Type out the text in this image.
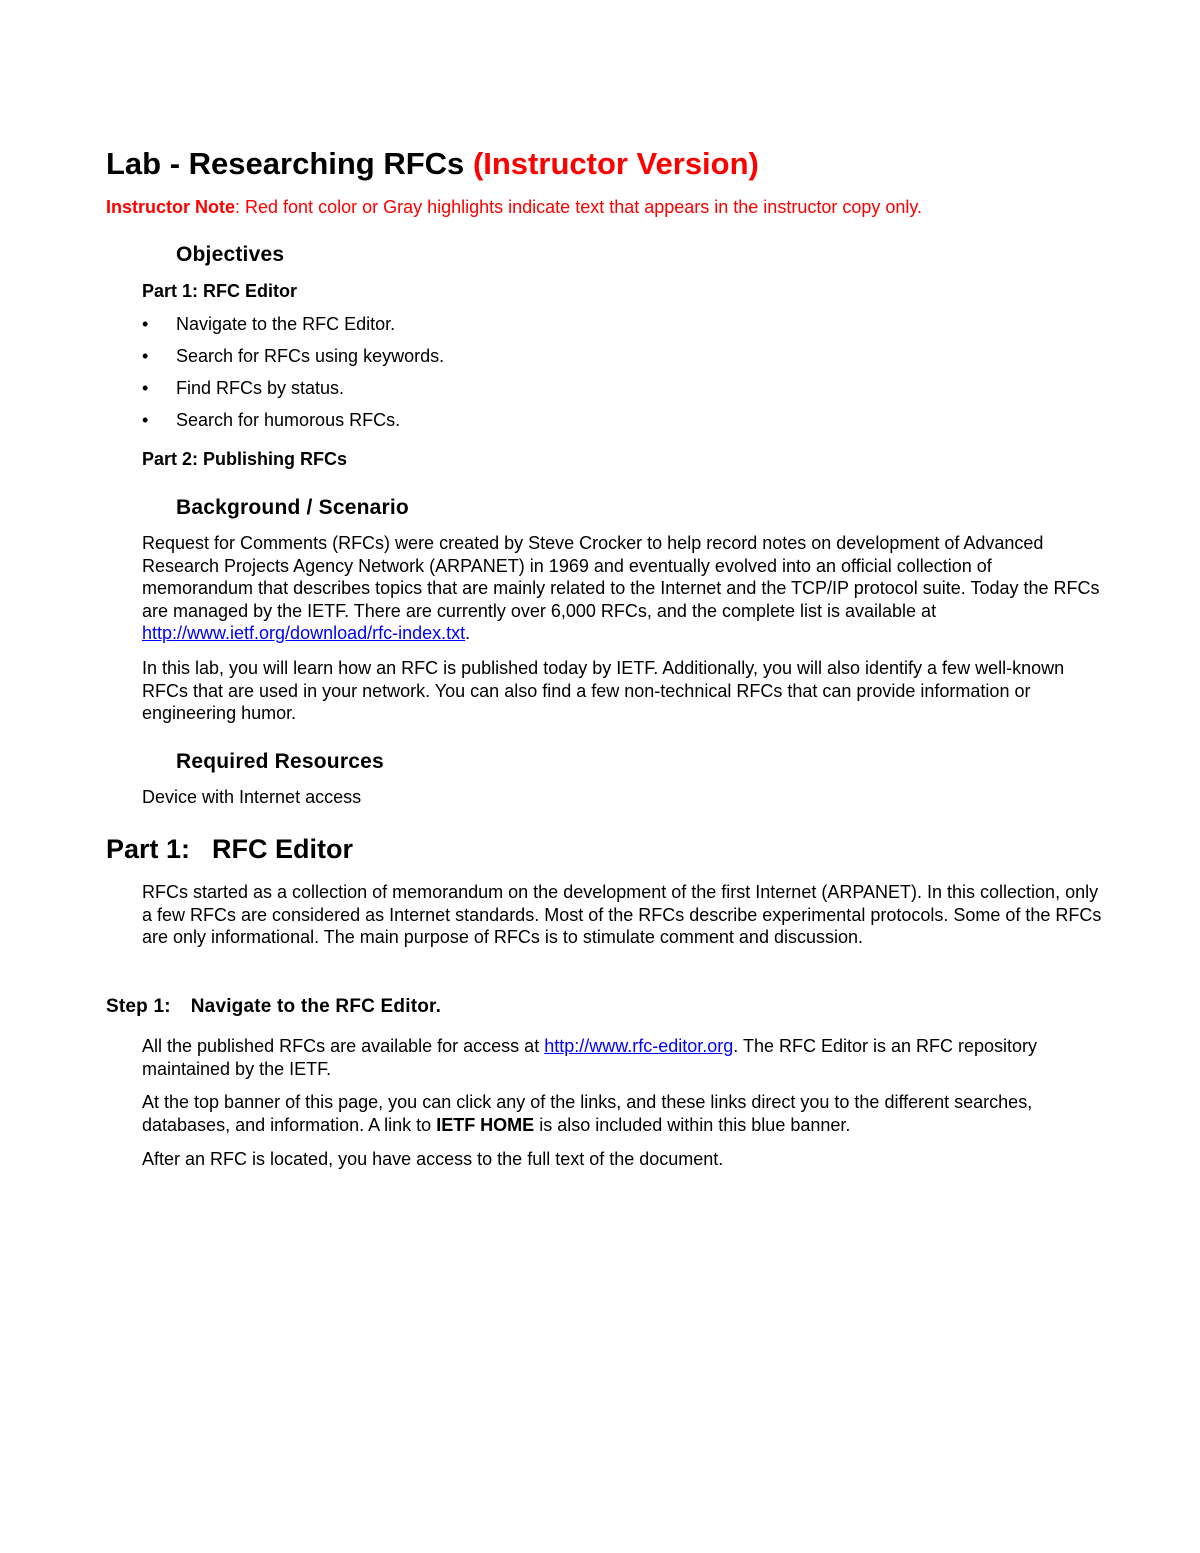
Lab - Researching RFCs (Instructor Version)

Instructor Note: Red font color or Gray highlights indicate text that appears in the instructor copy only.

Objectives

Part 1: RFC Editor

• Navigate to the RFC Editor.
• Search for RFCs using keywords.
• Find RFCs by status.
• Search for humorous RFCs.

Part 2: Publishing RFCs

Background / Scenario

Request for Comments (RFCs) were created by Steve Crocker to help record notes on development of Advanced Research Projects Agency Network (ARPANET) in 1969 and eventually evolved into an official collection of memorandum that describes topics that are mainly related to the Internet and the TCP/IP protocol suite. Today the RFCs are managed by the IETF. There are currently over 6,000 RFCs, and the complete list is available at http://www.ietf.org/download/rfc-index.txt.

In this lab, you will learn how an RFC is published today by IETF. Additionally, you will also identify a few well-known RFCs that are used in your network. You can also find a few non-technical RFCs that can provide information or engineering humor.

Required Resources

Device with Internet access

Part 1: RFC Editor

RFCs started as a collection of memorandum on the development of the first Internet (ARPANET). In this collection, only a few RFCs are considered as Internet standards. Most of the RFCs describe experimental protocols. Some of the RFCs are only informational. The main purpose of RFCs is to stimulate comment and discussion.

Step 1: Navigate to the RFC Editor.

All the published RFCs are available for access at http://www.rfc-editor.org. The RFC Editor is an RFC repository maintained by the IETF.

At the top banner of this page, you can click any of the links, and these links direct you to the different searches, databases, and information. A link to IETF HOME is also included within this blue banner.

After an RFC is located, you have access to the full text of the document.
